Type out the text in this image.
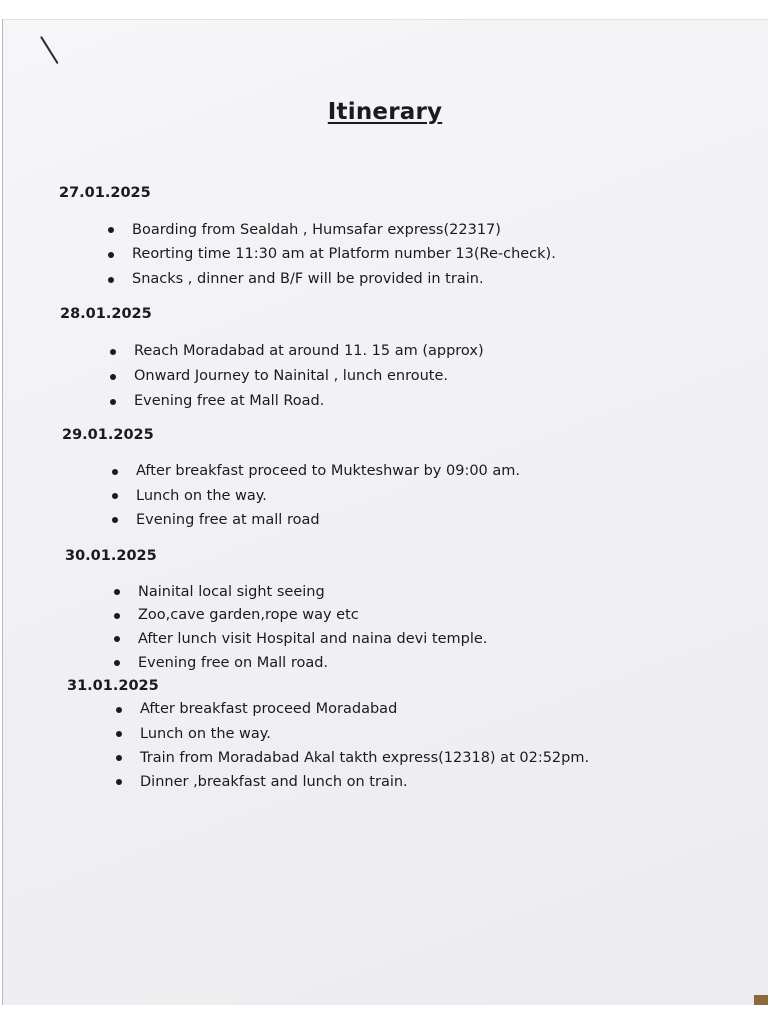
Itinerary
27.01.2025
Boarding from Sealdah , Humsafar express(22317)
Reorting time 11:30 am at Platform number 13(Re-check).
Snacks , dinner and B/F will be provided in train.
28.01.2025
Reach Moradabad at around 11. 15 am (approx)
Onward Journey to Nainital , lunch enroute.
Evening free at Mall Road.
29.01.2025
After breakfast proceed to Mukteshwar by 09:00 am.
Lunch on the way.
Evening free at mall road
30.01.2025
Nainital local sight seeing
Zoo,cave garden,rope way etc
After lunch visit Hospital and naina devi temple.
Evening free on Mall road.
31.01.2025
After breakfast proceed Moradabad
Lunch on the way.
Train from Moradabad Akal takth express(12318) at 02:52pm.
Dinner ,breakfast and lunch on train.
